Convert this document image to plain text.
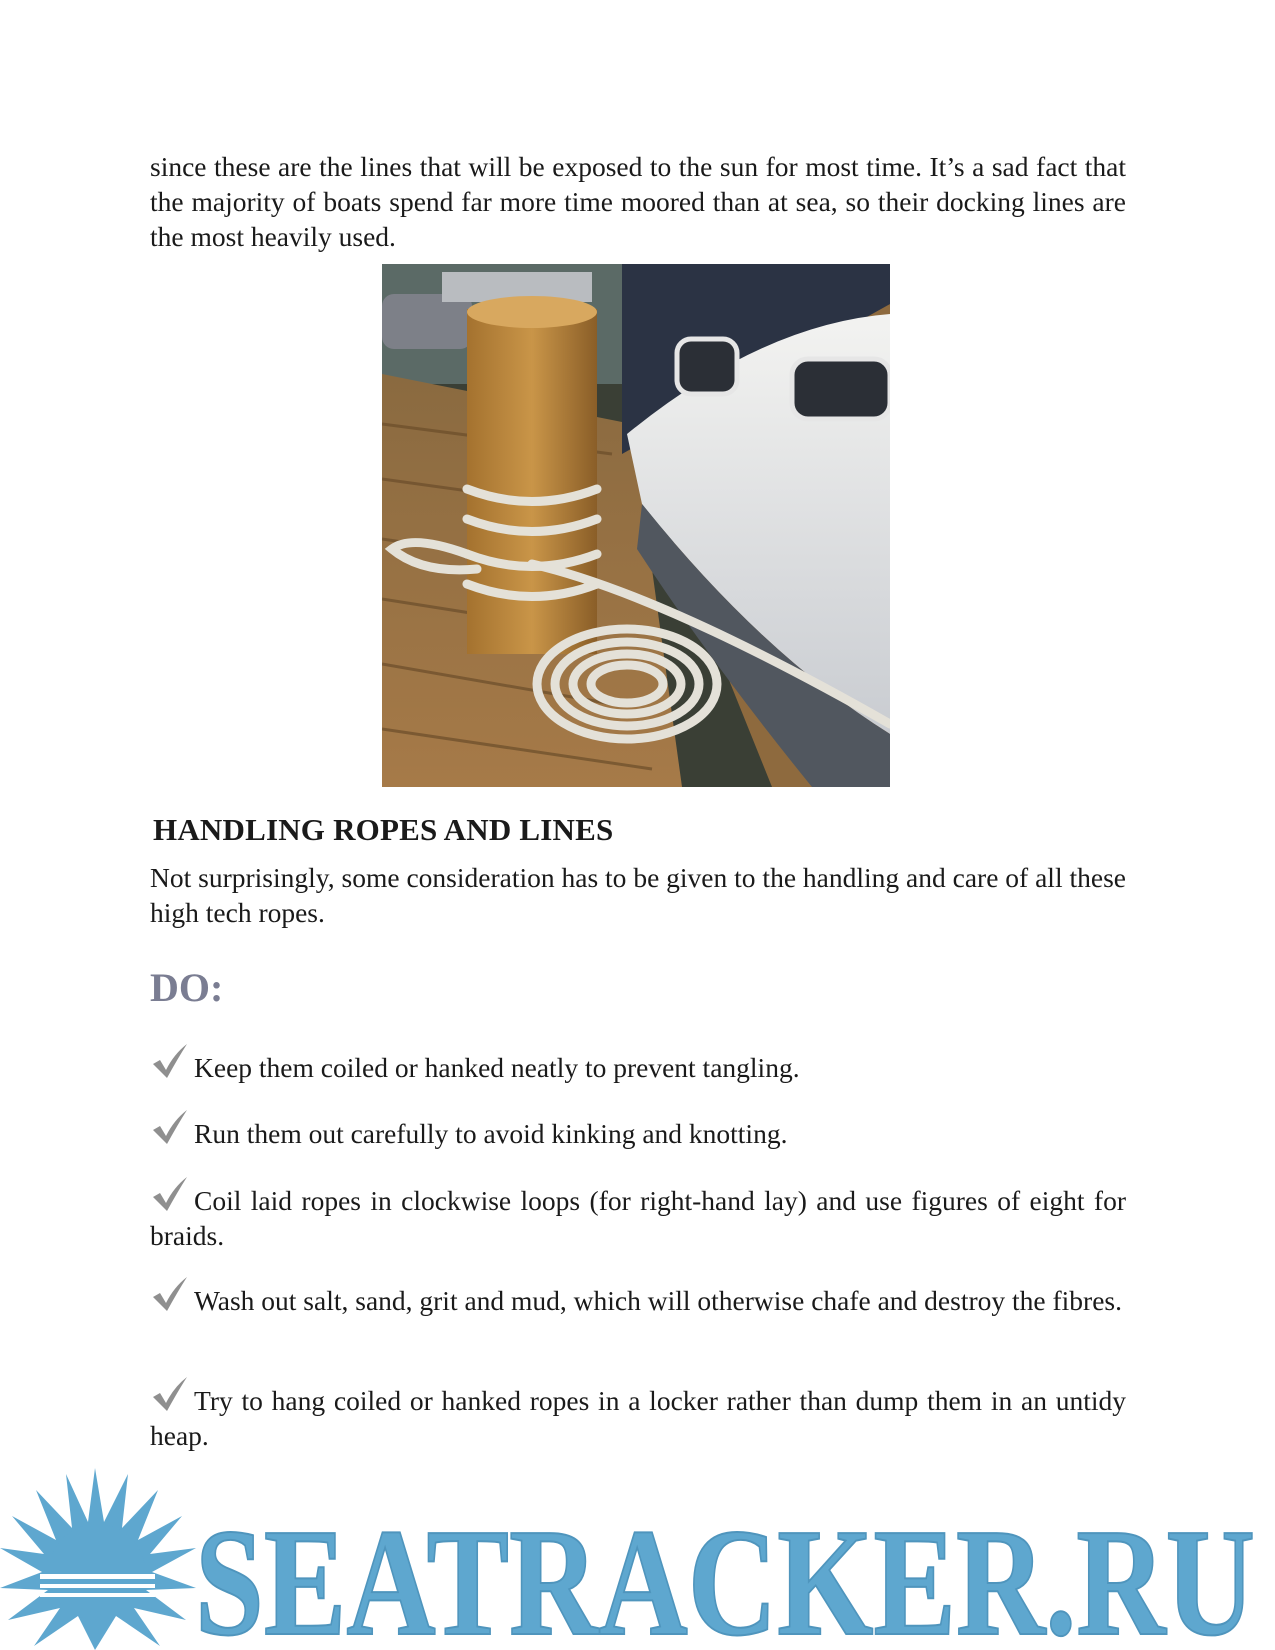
since these are the lines that will be exposed to the sun for most time. It’s a sad fact that the majority of boats spend far more time moored than at sea, so their docking lines are the most heavily used.

HANDLING ROPES AND LINES

Not surprisingly, some consideration has to be given to the handling and care of all these high tech ropes.

DO:

Keep them coiled or hanked neatly to prevent tangling.

Run them out carefully to avoid kinking and knotting.

Coil laid ropes in clockwise loops (for right-hand lay) and use figures of eight for braids.

Wash out salt, sand, grit and mud, which will otherwise chafe and destroy the fibres.

Try to hang coiled or hanked ropes in a locker rather than dump them in an untidy heap.

SEATRACKER.RU
